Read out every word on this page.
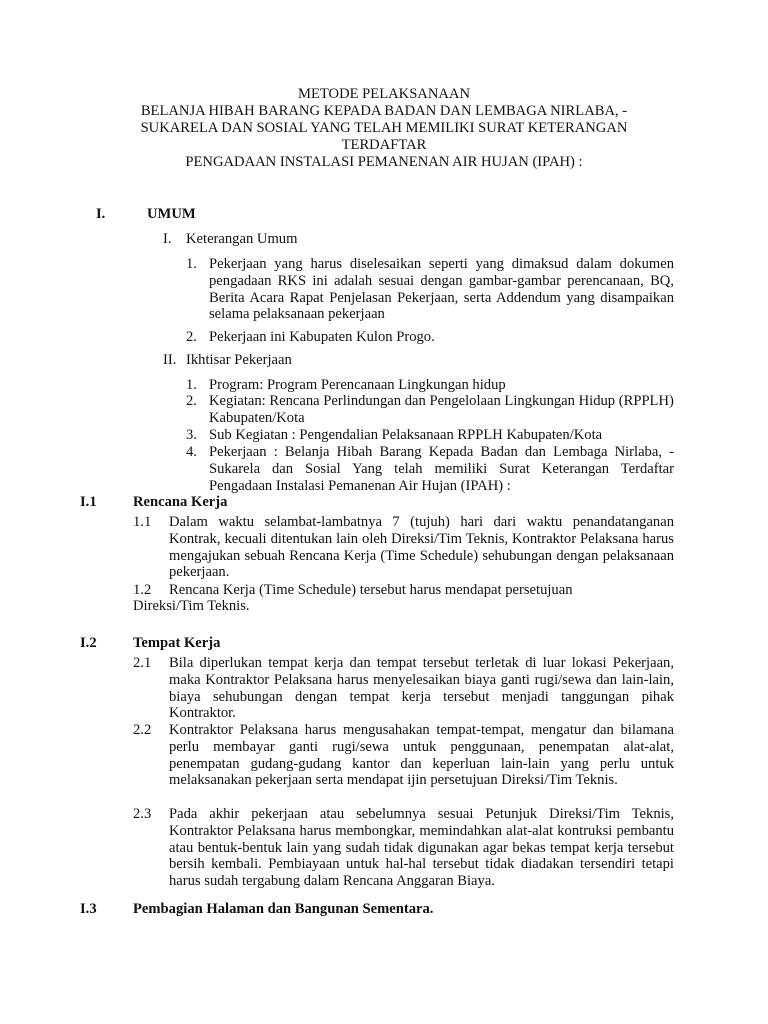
METODE PELAKSANAAN
BELANJA HIBAH BARANG KEPADA BADAN DAN LEMBAGA NIRLABA, -
SUKARELA DAN SOSIAL YANG TELAH MEMILIKI SURAT KETERANGAN
TERDAFTAR
PENGADAAN INSTALASI PEMANENAN AIR HUJAN (IPAH) :
I.	UMUM
I. Keterangan Umum
1. Pekerjaan yang harus diselesaikan seperti yang dimaksud dalam dokumen pengadaan RKS ini adalah sesuai dengan gambar-gambar perencanaan, BQ, Berita Acara Rapat Penjelasan Pekerjaan, serta Addendum yang disampaikan selama pelaksanaan pekerjaan
2. Pekerjaan ini Kabupaten Kulon Progo.
II. Ikhtisar Pekerjaan
1. Program: Program Perencanaan Lingkungan hidup
2. Kegiatan: Rencana Perlindungan dan Pengelolaan Lingkungan Hidup (RPPLH) Kabupaten/Kota
3. Sub Kegiatan : Pengendalian Pelaksanaan RPPLH Kabupaten/Kota
4. Pekerjaan : Belanja Hibah Barang Kepada Badan dan Lembaga Nirlaba, - Sukarela dan Sosial Yang telah memiliki Surat Keterangan Terdaftar Pengadaan Instalasi Pemanenan Air Hujan (IPAH) :
I.1 Rencana Kerja
1.1 Dalam waktu selambat-lambatnya 7 (tujuh) hari dari waktu penandatanganan Kontrak, kecuali ditentukan lain oleh Direksi/Tim Teknis, Kontraktor Pelaksana harus mengajukan sebuah Rencana Kerja (Time Schedule) sehubungan dengan pelaksanaan pekerjaan.
1.2 Rencana Kerja (Time Schedule) tersebut harus mendapat persetujuan
Direksi/Tim Teknis.
I.2 Tempat Kerja
2.1 Bila diperlukan tempat kerja dan tempat tersebut terletak di luar lokasi Pekerjaan, maka Kontraktor Pelaksana harus menyelesaikan biaya ganti rugi/sewa dan lain-lain, biaya sehubungan dengan tempat kerja tersebut menjadi tanggungan pihak Kontraktor.
2.2 Kontraktor Pelaksana harus mengusahakan tempat-tempat, mengatur dan bilamana perlu membayar ganti rugi/sewa untuk penggunaan, penempatan alat-alat, penempatan gudang-gudang kantor dan keperluan lain-lain yang perlu untuk melaksanakan pekerjaan serta mendapat ijin persetujuan Direksi/Tim Teknis.
2.3 Pada akhir pekerjaan atau sebelumnya sesuai Petunjuk Direksi/Tim Teknis, Kontraktor Pelaksana harus membongkar, memindahkan alat-alat kontruksi pembantu atau bentuk-bentuk lain yang sudah tidak digunakan agar bekas tempat kerja tersebut bersih kembali. Pembiayaan untuk hal-hal tersebut tidak diadakan tersendiri tetapi harus sudah tergabung dalam Rencana Anggaran Biaya.
I.3 Pembagian Halaman dan Bangunan Sementara.
